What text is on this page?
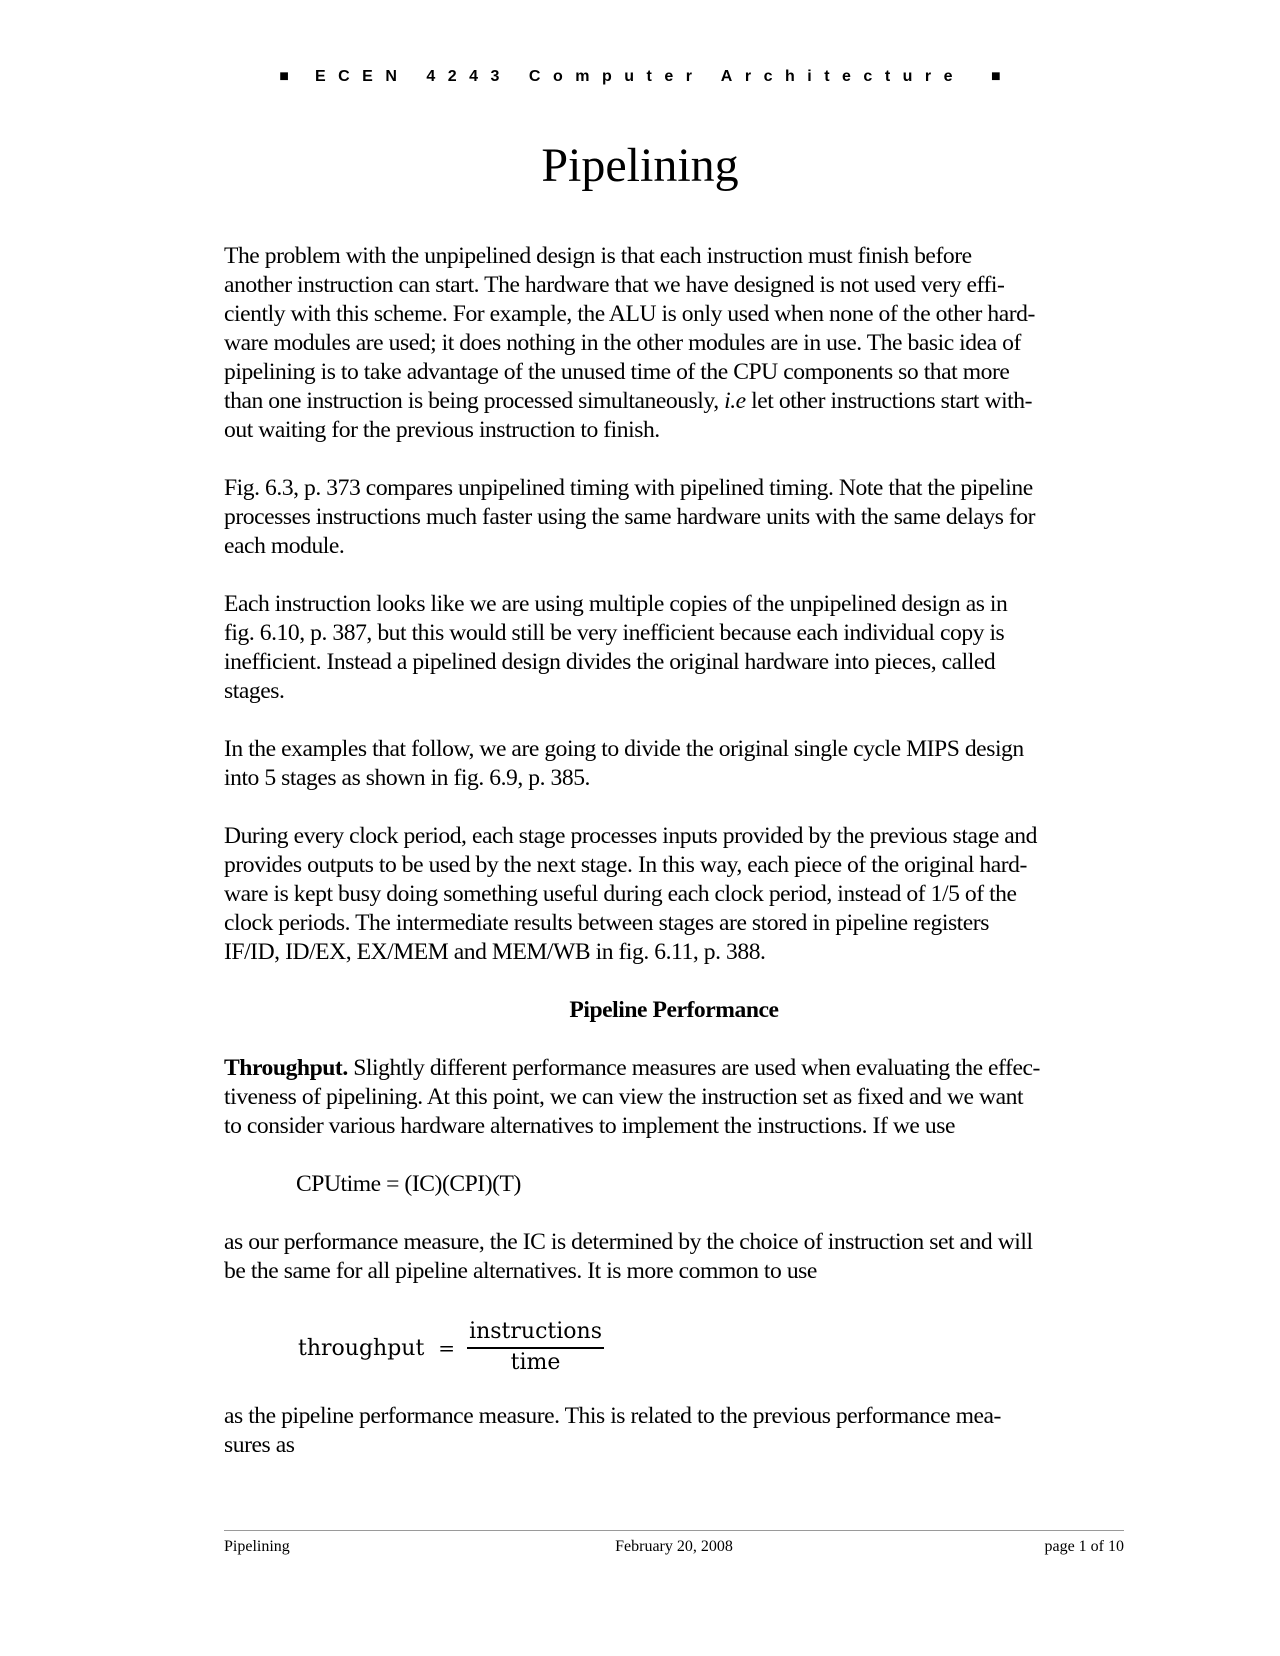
■ ECEN 4243 Computer Architecture ■
Pipelining

The problem with the unpipelined design is that each instruction must finish before
another instruction can start. The hardware that we have designed is not used very effi-
ciently with this scheme. For example, the ALU is only used when none of the other hard-
ware modules are used; it does nothing in the other modules are in use. The basic idea of
pipelining is to take advantage of the unused time of the CPU components so that more
than one instruction is being processed simultaneously, i.e let other instructions start with-
out waiting for the previous instruction to finish.

Fig. 6.3, p. 373 compares unpipelined timing with pipelined timing. Note that the pipeline
processes instructions much faster using the same hardware units with the same delays for
each module.

Each instruction looks like we are using multiple copies of the unpipelined design as in
fig. 6.10, p. 387, but this would still be very inefficient because each individual copy is
inefficient. Instead a pipelined design divides the original hardware into pieces, called
stages.

In the examples that follow, we are going to divide the original single cycle MIPS design
into 5 stages as shown in fig. 6.9, p. 385.

During every clock period, each stage processes inputs provided by the previous stage and
provides outputs to be used by the next stage. In this way, each piece of the original hard-
ware is kept busy doing something useful during each clock period, instead of 1/5 of the
clock periods. The intermediate results between stages are stored in pipeline registers
IF/ID, ID/EX, EX/MEM and MEM/WB in fig. 6.11, p. 388.

Pipeline Performance

Throughput. Slightly different performance measures are used when evaluating the effec-
tiveness of pipelining. At this point, we can view the instruction set as fixed and we want
to consider various hardware alternatives to implement the instructions. If we use

CPUtime = (IC)(CPI)(T)

as our performance measure, the IC is determined by the choice of instruction set and will
be the same for all pipeline alternatives. It is more common to use

throughput = $\frac{\text{instructions}}{\text{time}}$

as the pipeline performance measure. This is related to the previous performance mea-
sures as

Pipelining	February 20, 2008	page 1 of 10
